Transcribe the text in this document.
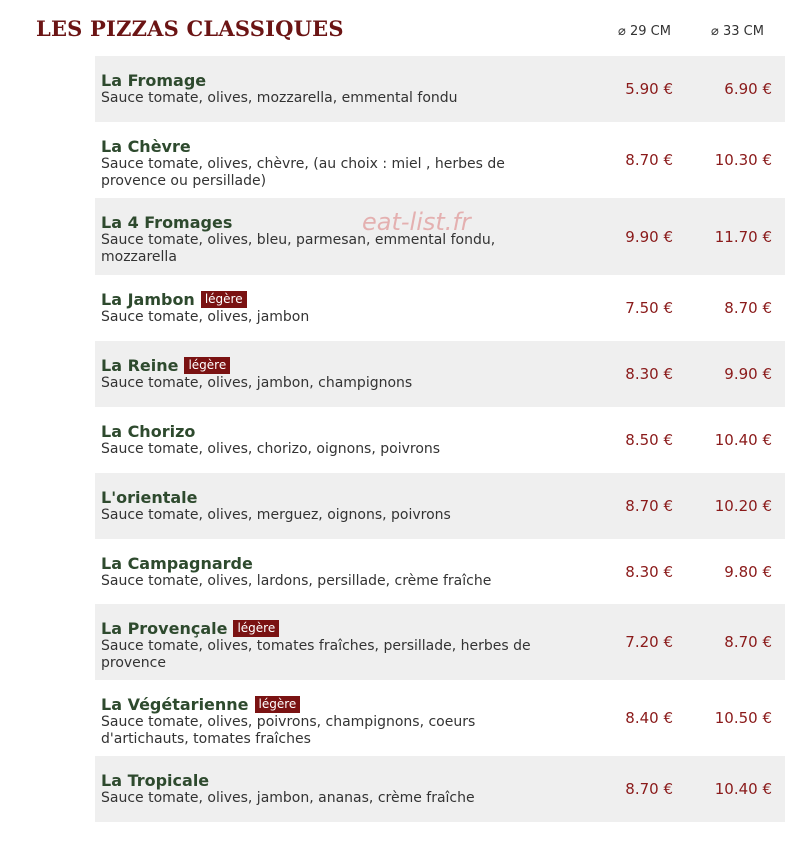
LES PIZZAS CLASSIQUES	⌀ 29 CM	⌀ 33 CM
La Fromage
Sauce tomate, olives, mozzarella, emmental fondu	5.90 €	6.90 €
La Chèvre
Sauce tomate, olives, chèvre, (au choix : miel , herbes de provence ou persillade)
8.70 €	10.30 €
La 4 Fromages
Sauce tomate, olives, bleu, parmesan, emmental fondu, mozzarella
9.90 €	11.70 €
La Jambon légère
Sauce tomate, olives, jambon	7.50 €	8.70 €
La Reine légère
Sauce tomate, olives, jambon, champignons	8.30 €	9.90 €
La Chorizo
Sauce tomate, olives, chorizo, oignons, poivrons	8.50 €	10.40 €
L'orientale
Sauce tomate, olives, merguez, oignons, poivrons	8.70 €	10.20 €
La Campagnarde
Sauce tomate, olives, lardons, persillade, crème fraîche
8.30 €	9.80 €
La Provençale légère
Sauce tomate, olives, tomates fraîches, persillade, herbes de provence
7.20 €	8.70 €
La Végétarienne légère
Sauce tomate, olives, poivrons, champignons, coeurs d'artichauts, tomates fraîches
8.40 €	10.50 €
La Tropicale
Sauce tomate, olives, jambon, ananas, crème fraîche	8.70 €	10.40 €
eat-list.fr
